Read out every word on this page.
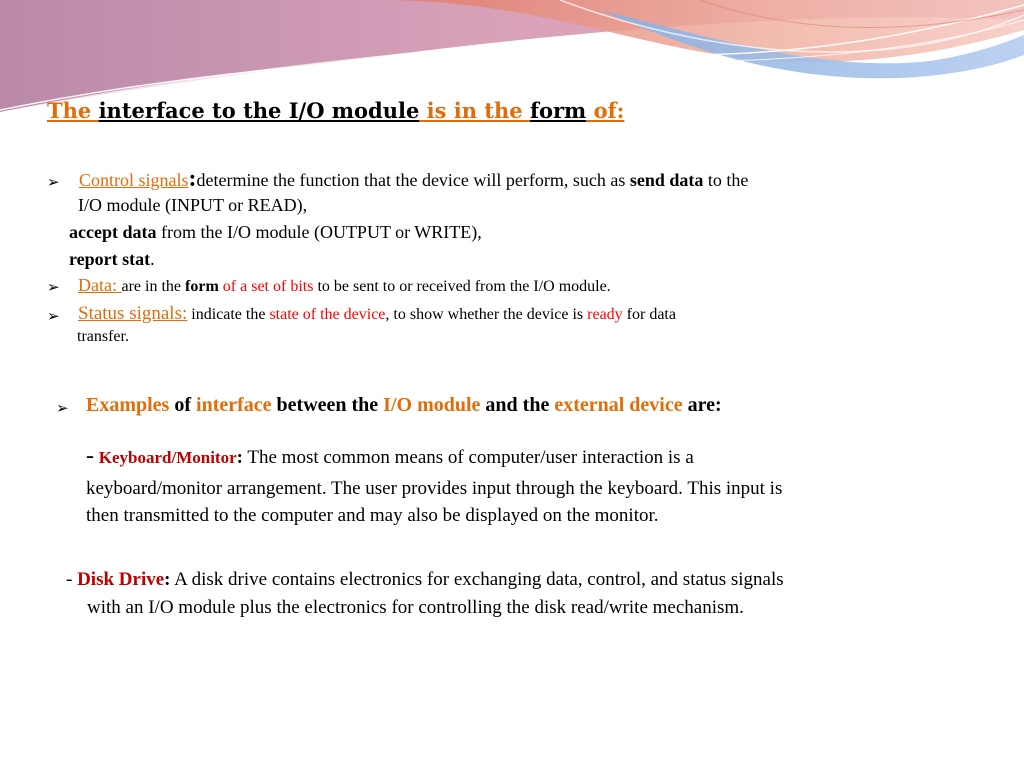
The interface to the I/O module is in the form of:
➢ Control signals:determine the function that the device will perform, such as send data to the
I/O module (INPUT or READ),
accept data from the I/O module (OUTPUT or WRITE),
report stat.
➢ Data: are in the form of a set of bits to be sent to or received from the I/O module.
➢ Status signals: indicate the state of the device, to show whether the device is ready for data
transfer.
➢ Examples of interface between the I/O module and the external device are:
- Keyboard/Monitor: The most common means of computer/user interaction is a
keyboard/monitor arrangement. The user provides input through the keyboard. This input is
then transmitted to the computer and may also be displayed on the monitor.
- Disk Drive: A disk drive contains electronics for exchanging data, control, and status signals
with an I/O module plus the electronics for controlling the disk read/write mechanism.
